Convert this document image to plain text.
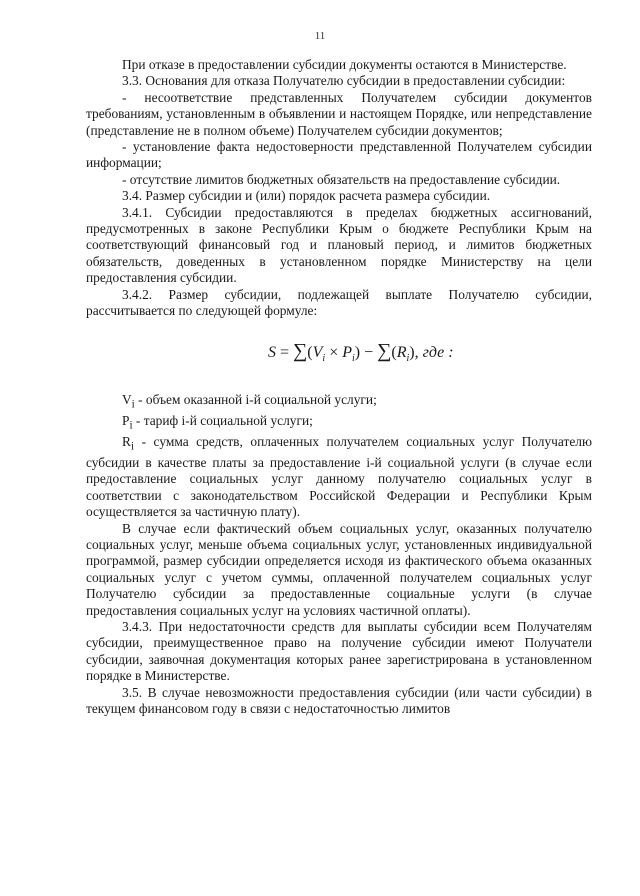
11

При отказе в предоставлении субсидии документы остаются в Министерстве.

3.3. Основания для отказа Получателю субсидии в предоставлении субсидии:

- несоответствие представленных Получателем субсидии документов требованиям, установленным в объявлении и настоящем Порядке, или непредставление (представление не в полном объеме) Получателем субсидии документов;

- установление факта недостоверности представленной Получателем субсидии информации;

- отсутствие лимитов бюджетных обязательств на предоставление субсидии.

3.4. Размер субсидии и (или) порядок расчета размера субсидии.

3.4.1. Субсидии предоставляются в пределах бюджетных ассигнований, предусмотренных в законе Республики Крым о бюджете Республики Крым на соответствующий финансовый год и плановый период, и лимитов бюджетных обязательств, доведенных в установленном порядке Министерству на цели предоставления субсидии.

3.4.2. Размер субсидии, подлежащей выплате Получателю субсидии, рассчитывается по следующей формуле:

$S = \sum(V_i \times P_i) - \sum(R_i)$, где :

$V_i$ - объем оказанной i-й социальной услуги;

$P_i$ - тариф i-й социальной услуги;

$R_i$ - сумма средств, оплаченных получателем социальных услуг Получателю субсидии в качестве платы за предоставление i-й социальной услуги (в случае если предоставление социальных услуг данному получателю социальных услуг в соответствии с законодательством Российской Федерации и Республики Крым осуществляется за частичную плату).

В случае если фактический объем социальных услуг, оказанных получателю социальных услуг, меньше объема социальных услуг, установленных индивидуальной программой, размер субсидии определяется исходя из фактического объема оказанных социальных услуг с учетом суммы, оплаченной получателем социальных услуг Получателю субсидии за предоставленные социальные услуги (в случае предоставления социальных услуг на условиях частичной оплаты).

3.4.3. При недостаточности средств для выплаты субсидии всем Получателям субсидии, преимущественное право на получение субсидии имеют Получатели субсидии, заявочная документация которых ранее зарегистрирована в установленном порядке в Министерстве.

3.5. В случае невозможности предоставления субсидии (или части субсидии) в текущем финансовом году в связи с недостаточностью лимитов
